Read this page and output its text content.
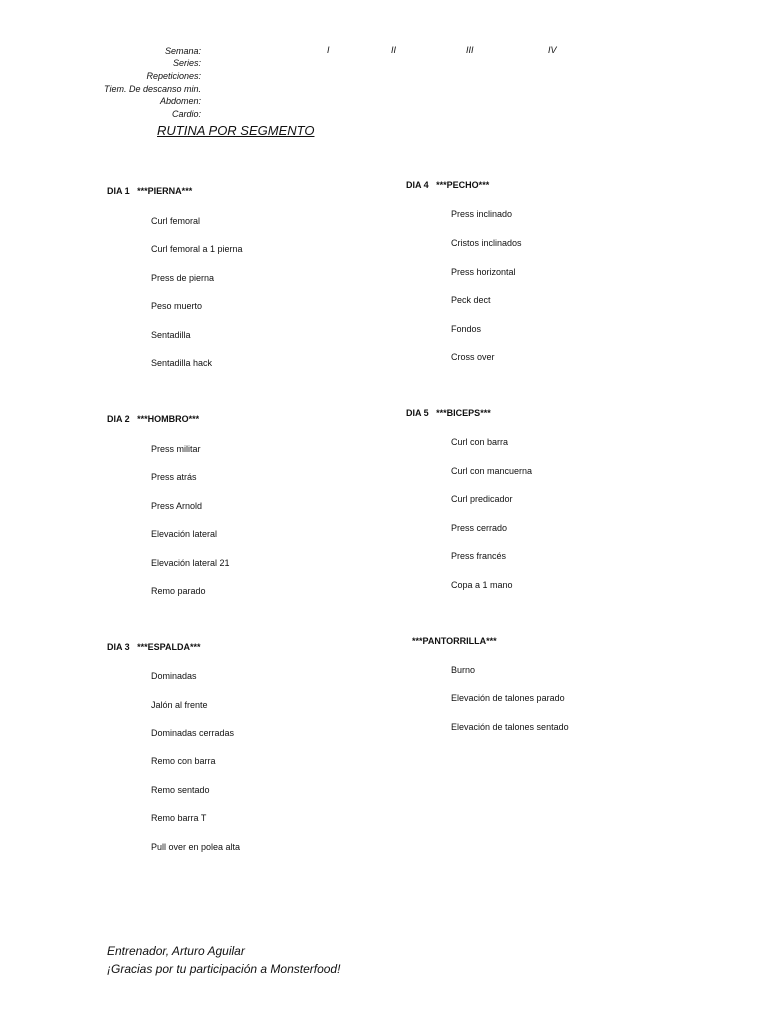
Semana:
Series:
Repeticiones:
Tiem. De descanso min.
Abdomen:
Cardio:
I	II	III	IV
RUTINA POR SEGMENTO
DIA 1   ***PIERNA***
Curl femoral
Curl femoral a 1 pierna
Press de pierna
Peso muerto
Sentadilla
Sentadilla hack
DIA 2   ***HOMBRO***
Press militar
Press atrás
Press Arnold
Elevación lateral
Elevación lateral 21
Remo parado
DIA 3   ***ESPALDA***
Dominadas
Jalón al frente
Dominadas cerradas
Remo con barra
Remo sentado
Remo barra T
Pull over en polea alta
DIA 4   ***PECHO***
Press inclinado
Cristos inclinados
Press horizontal
Peck dect
Fondos
Cross over
DIA 5   ***BICEPS***
Curl con barra
Curl con mancuerna
Curl predicador
Press cerrado
Press francés
Copa a 1 mano
***PANTORRILLA***
Burno
Elevación de talones parado
Elevación de talones sentado
Entrenador, Arturo Aguilar
¡Gracias por tu participación a Monsterfood!
